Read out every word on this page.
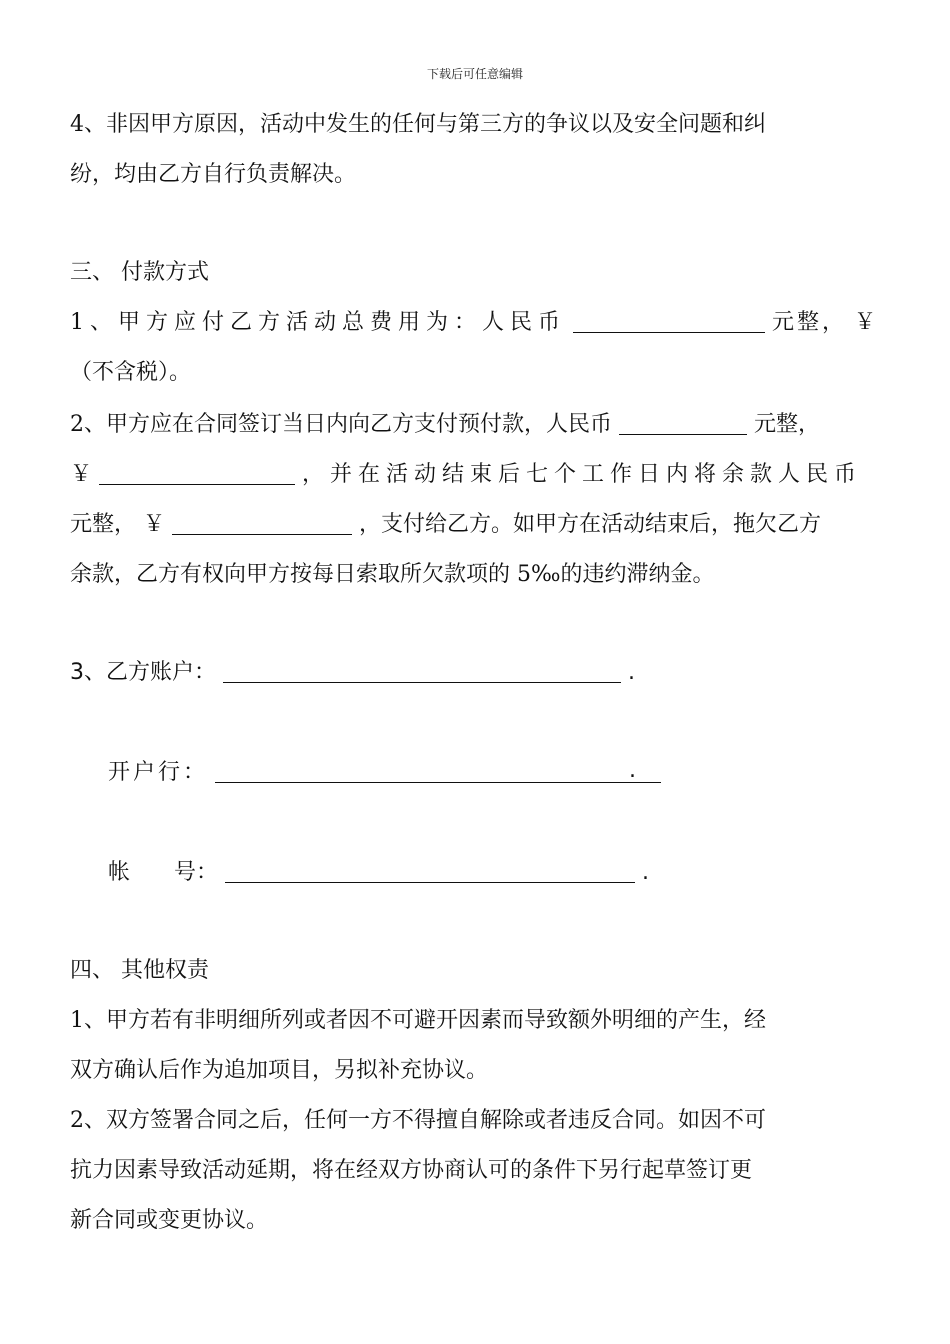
下载后可任意编辑
4、非因甲方原因，活动中发生的任何与第三方的争议以及安全问题和纠
纷，均由乙方自行负责解决。
三、 付款方式
1、甲方应付乙方活动总费用为：人民币	元整， ￥
（不含税）。
2、甲方应在合同签订当日内向乙方支付预付款，人民币	元整，
￥	，并在活动结束后七个工作日内将余款人民币
元整， ￥	，支付给乙方。如甲方在活动结束后，拖欠乙方
余款，乙方有权向甲方按每日索取所欠款项的 5‰的违约滞纳金。
3、乙方账户：	.
开户行：	.
帐 号：	.
四、 其他权责
1、甲方若有非明细所列或者因不可避开因素而导致额外明细的产生，经
双方确认后作为追加项目，另拟补充协议。
2、双方签署合同之后，任何一方不得擅自解除或者违反合同。如因不可
抗力因素导致活动延期，将在经双方协商认可的条件下另行起草签订更
新合同或变更协议。
